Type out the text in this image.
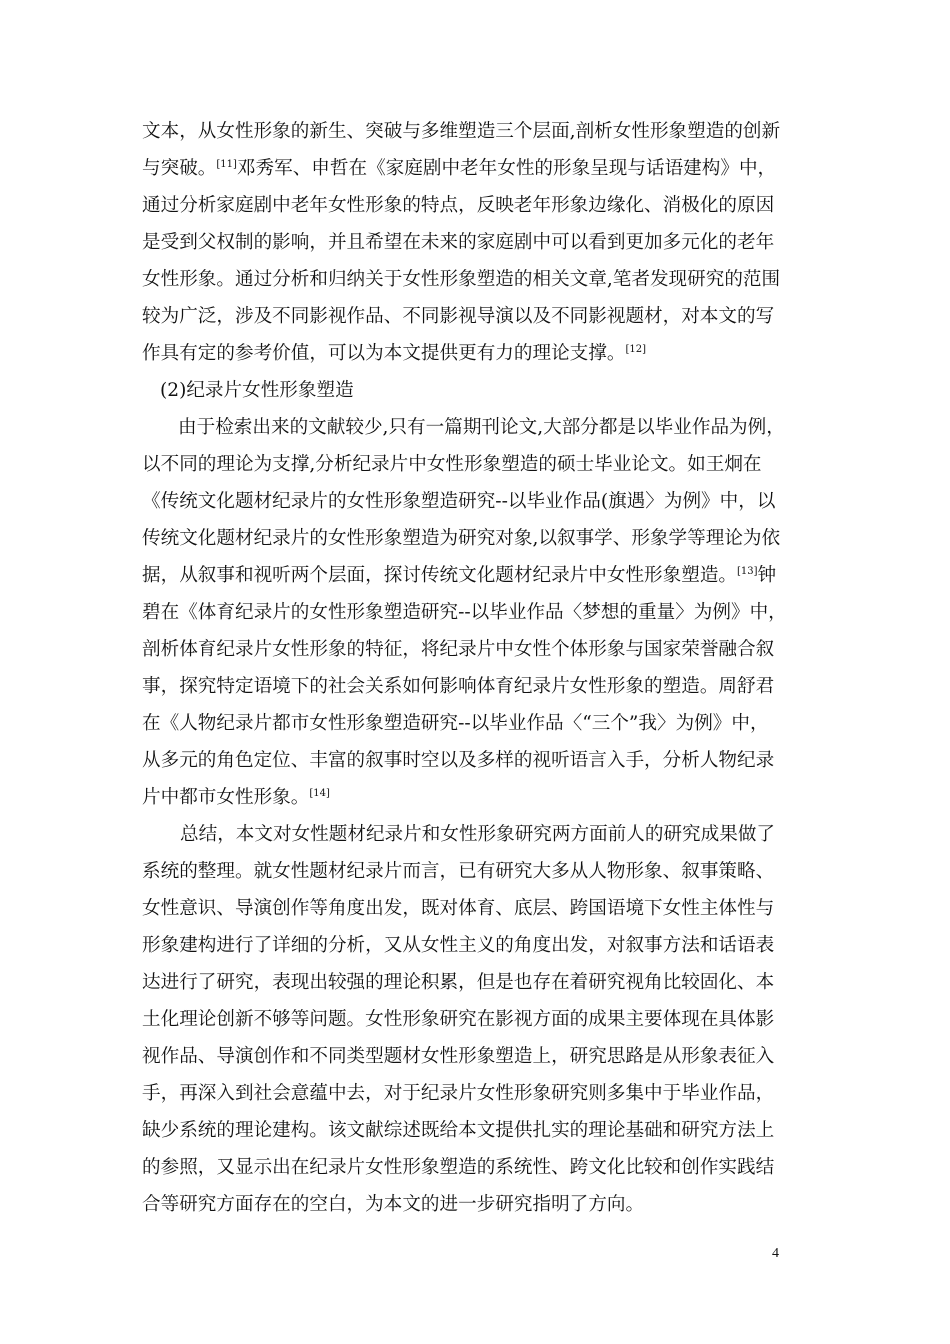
文本，从女性形象的新生、突破与多维塑造三个层面,剖析女性形象塑造的创新
与突破。[11]邓秀军、申哲在《家庭剧中老年女性的形象呈现与话语建构》中，
通过分析家庭剧中老年女性形象的特点，反映老年形象边缘化、消极化的原因
是受到父权制的影响，并且希望在未来的家庭剧中可以看到更加多元化的老年
女性形象。通过分析和归纳关于女性形象塑造的相关文章,笔者发现研究的范围
较为广泛，涉及不同影视作品、不同影视导演以及不同影视题材，对本文的写
作具有定的参考价值，可以为本文提供更有力的理论支撑。[12]
(2)纪录片女性形象塑造
由于检索出来的文献较少,只有一篇期刊论文,大部分都是以毕业作品为例，
以不同的理论为支撑,分析纪录片中女性形象塑造的硕士毕业论文。如王炯在
《传统文化题材纪录片的女性形象塑造研究--以毕业作品(旗遇〉为例》中，以
传统文化题材纪录片的女性形象塑造为研究对象,以叙事学、形象学等理论为依
据，从叙事和视听两个层面，探讨传统文化题材纪录片中女性形象塑造。[13]钟
碧在《体育纪录片的女性形象塑造研究--以毕业作品〈梦想的重量〉为例》中，
剖析体育纪录片女性形象的特征，将纪录片中女性个体形象与国家荣誉融合叙
事，探究特定语境下的社会关系如何影响体育纪录片女性形象的塑造。周舒君
在《人物纪录片都市女性形象塑造研究--以毕业作品〈“三个”我〉为例》中，
从多元的角色定位、丰富的叙事时空以及多样的视听语言入手，分析人物纪录
片中都市女性形象。[14]
总结，本文对女性题材纪录片和女性形象研究两方面前人的研究成果做了
系统的整理。就女性题材纪录片而言，已有研究大多从人物形象、叙事策略、
女性意识、导演创作等角度出发，既对体育、底层、跨国语境下女性主体性与
形象建构进行了详细的分析，又从女性主义的角度出发，对叙事方法和话语表
达进行了研究，表现出较强的理论积累，但是也存在着研究视角比较固化、本
土化理论创新不够等问题。女性形象研究在影视方面的成果主要体现在具体影
视作品、导演创作和不同类型题材女性形象塑造上，研究思路是从形象表征入
手，再深入到社会意蕴中去，对于纪录片女性形象研究则多集中于毕业作品，
缺少系统的理论建构。该文献综述既给本文提供扎实的理论基础和研究方法上
的参照，又显示出在纪录片女性形象塑造的系统性、跨文化比较和创作实践结
合等研究方面存在的空白，为本文的进一步研究指明了方向。
4
